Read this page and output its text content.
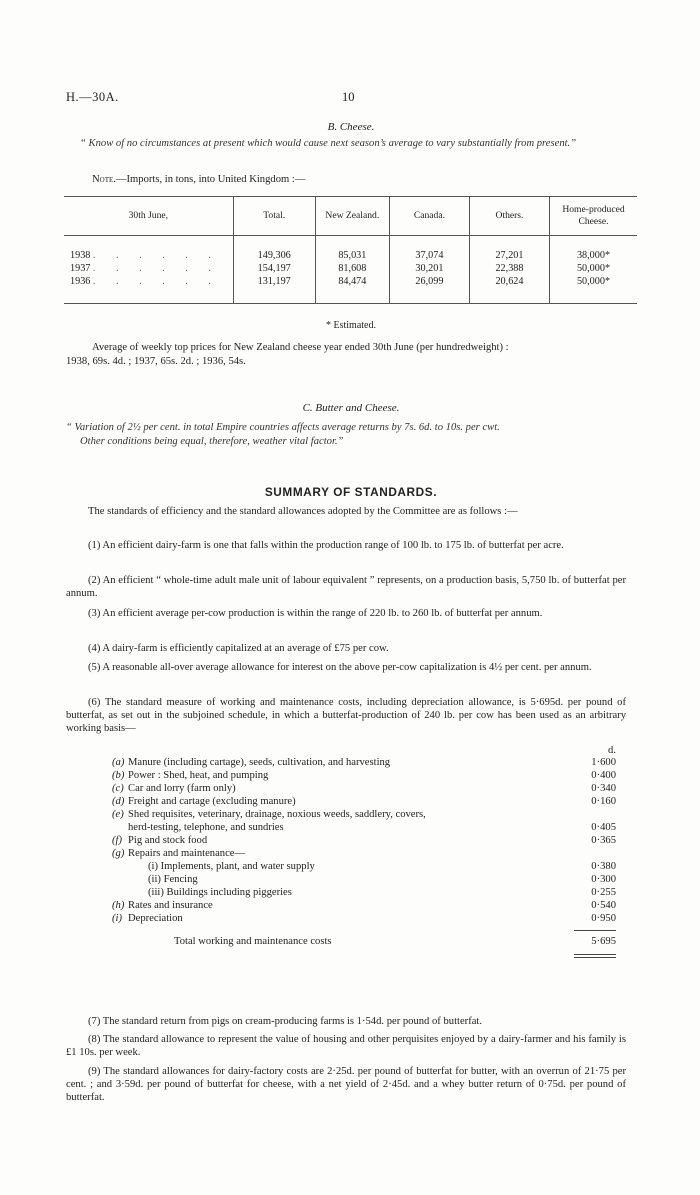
H.—30A.	10
B. Cheese.
“ Know of no circumstances at present which would cause next season’s average to vary substantially from present.”
Note.—Imports, in tons, into United Kingdom :—
30th June,	Total.	New Zealand.	Canada.	Others.	Home-produced Cheese.

1938 . . . . . .	149,306	85,031	37,074	27,201	38,000*
1937 . . . . . .	154,197	81,608	30,201	22,388	50,000*
1936 . . . . . .	131,197	84,474	26,099	20,624	50,000*

* Estimated.
Average of weekly top prices for New Zealand cheese year ended 30th June (per hundredweight) :
1938, 69s. 4d. ; 1937, 65s. 2d. ; 1936, 54s.
C. Butter and Cheese.
“ Variation of 2½ per cent. in total Empire countries affects average returns by 7s. 6d. to 10s. per cwt.
Other conditions being equal, therefore, weather vital factor.”
SUMMARY OF STANDARDS.
The standards of efficiency and the standard allowances adopted by the Committee are as follows :—
(1) An efficient dairy-farm is one that falls within the production range of 100 lb. to 175 lb. of butterfat per acre.
(2) An efficient “ whole-time adult male unit of labour equivalent ” represents, on a production basis, 5,750 lb. of butterfat per annum.
(3) An efficient average per-cow production is within the range of 220 lb. to 260 lb. of butterfat per annum.
(4) A dairy-farm is efficiently capitalized at an average of £75 per cow.
(5) A reasonable all-over average allowance for interest on the above per-cow capitalization is 4½ per cent. per annum.
(6) The standard measure of working and maintenance costs, including depreciation allowance, is 5·695d. per pound of butterfat, as set out in the subjoined schedule, in which a butterfat-production of 240 lb. per cow has been used as an arbitrary working basis—
d.
(a) Manure (including cartage), seeds, cultivation, and harvesting	1·600
(b) Power : Shed, heat, and pumping	0·400
(c) Car and lorry (farm only)	0·340
(d) Freight and cartage (excluding manure)	0·160
(e) Shed requisites, veterinary, drainage, noxious weeds, saddlery, covers,
herd-testing, telephone, and sundries	0·405
(f) Pig and stock food	0·365
(g) Repairs and maintenance—
(i) Implements, plant, and water supply	0·380
(ii) Fencing	0·300
(iii) Buildings including piggeries	0·255
(h) Rates and insurance	0·540
(i) Depreciation	0·950
Total working and maintenance costs	5·695
(7) The standard return from pigs on cream-producing farms is 1·54d. per pound of butterfat.
(8) The standard allowance to represent the value of housing and other perquisites enjoyed by a dairy-farmer and his family is £1 10s. per week.
(9) The standard allowances for dairy-factory costs are 2·25d. per pound of butterfat for butter, with an overrun of 21·75 per cent. ; and 3·59d. per pound of butterfat for cheese, with a net yield of 2·45d. and a whey butter return of 0·75d. per pound of butterfat.
